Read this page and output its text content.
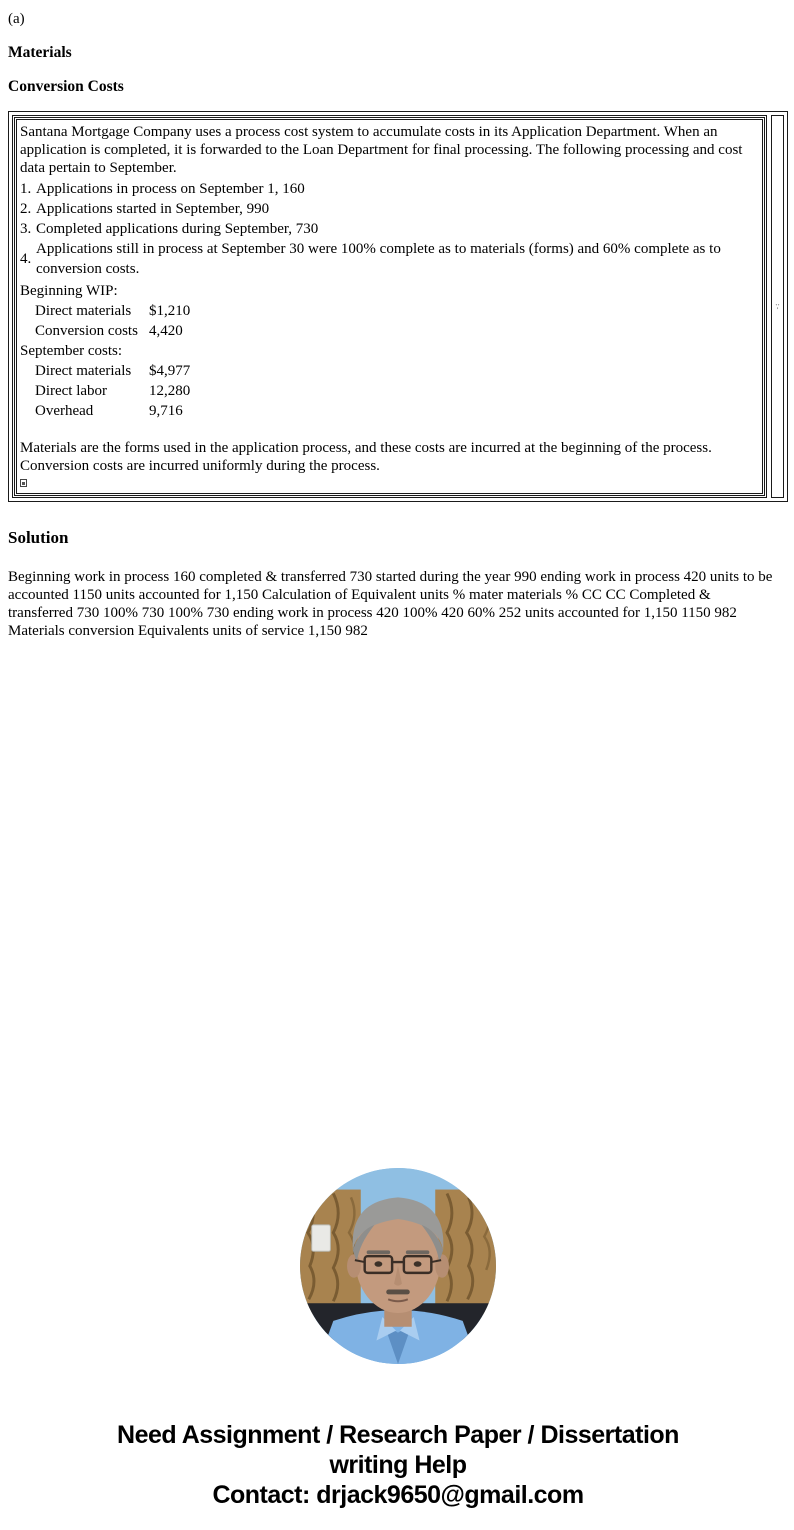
(a)
Materials
Conversion Costs

Santana Mortgage Company uses a process cost system to accumulate costs in its Application Department. When an application is completed, it is forwarded to the Loan Department for final processing. The following processing and cost data pertain to September.

1. Applications in process on September 1, 160
2. Applications started in September, 990
3. Completed applications during September, 730
4.
Applications still in process at September 30 were 100% complete as to materials (forms) and 60% complete as to conversion costs.
Beginning WIP:
Direct materials	$1,210
Conversion costs 4,420
September costs:
Direct materials	$4,977
Direct labor	12,280
Overhead	9,716

Materials are the forms used in the application process, and these costs are incurred at the beginning of the process. Conversion costs are incurred uniformly during the process.

','
Solution

Beginning work in process 160 completed & transferred 730 started during the year 990 ending work in process 420 units to be accounted 1150 units accounted for 1,150 Calculation of Equivalent units % mater materials % CC CC Completed & transferred 730 100% 730 100% 730 ending work in process 420 100% 420 60% 252 units accounted for 1,150 1150 982 Materials conversion Equivalents units of service 1,150 982

Need Assignment / Research Paper / Dissertation
writing Help
Contact: drjack9650@gmail.com
